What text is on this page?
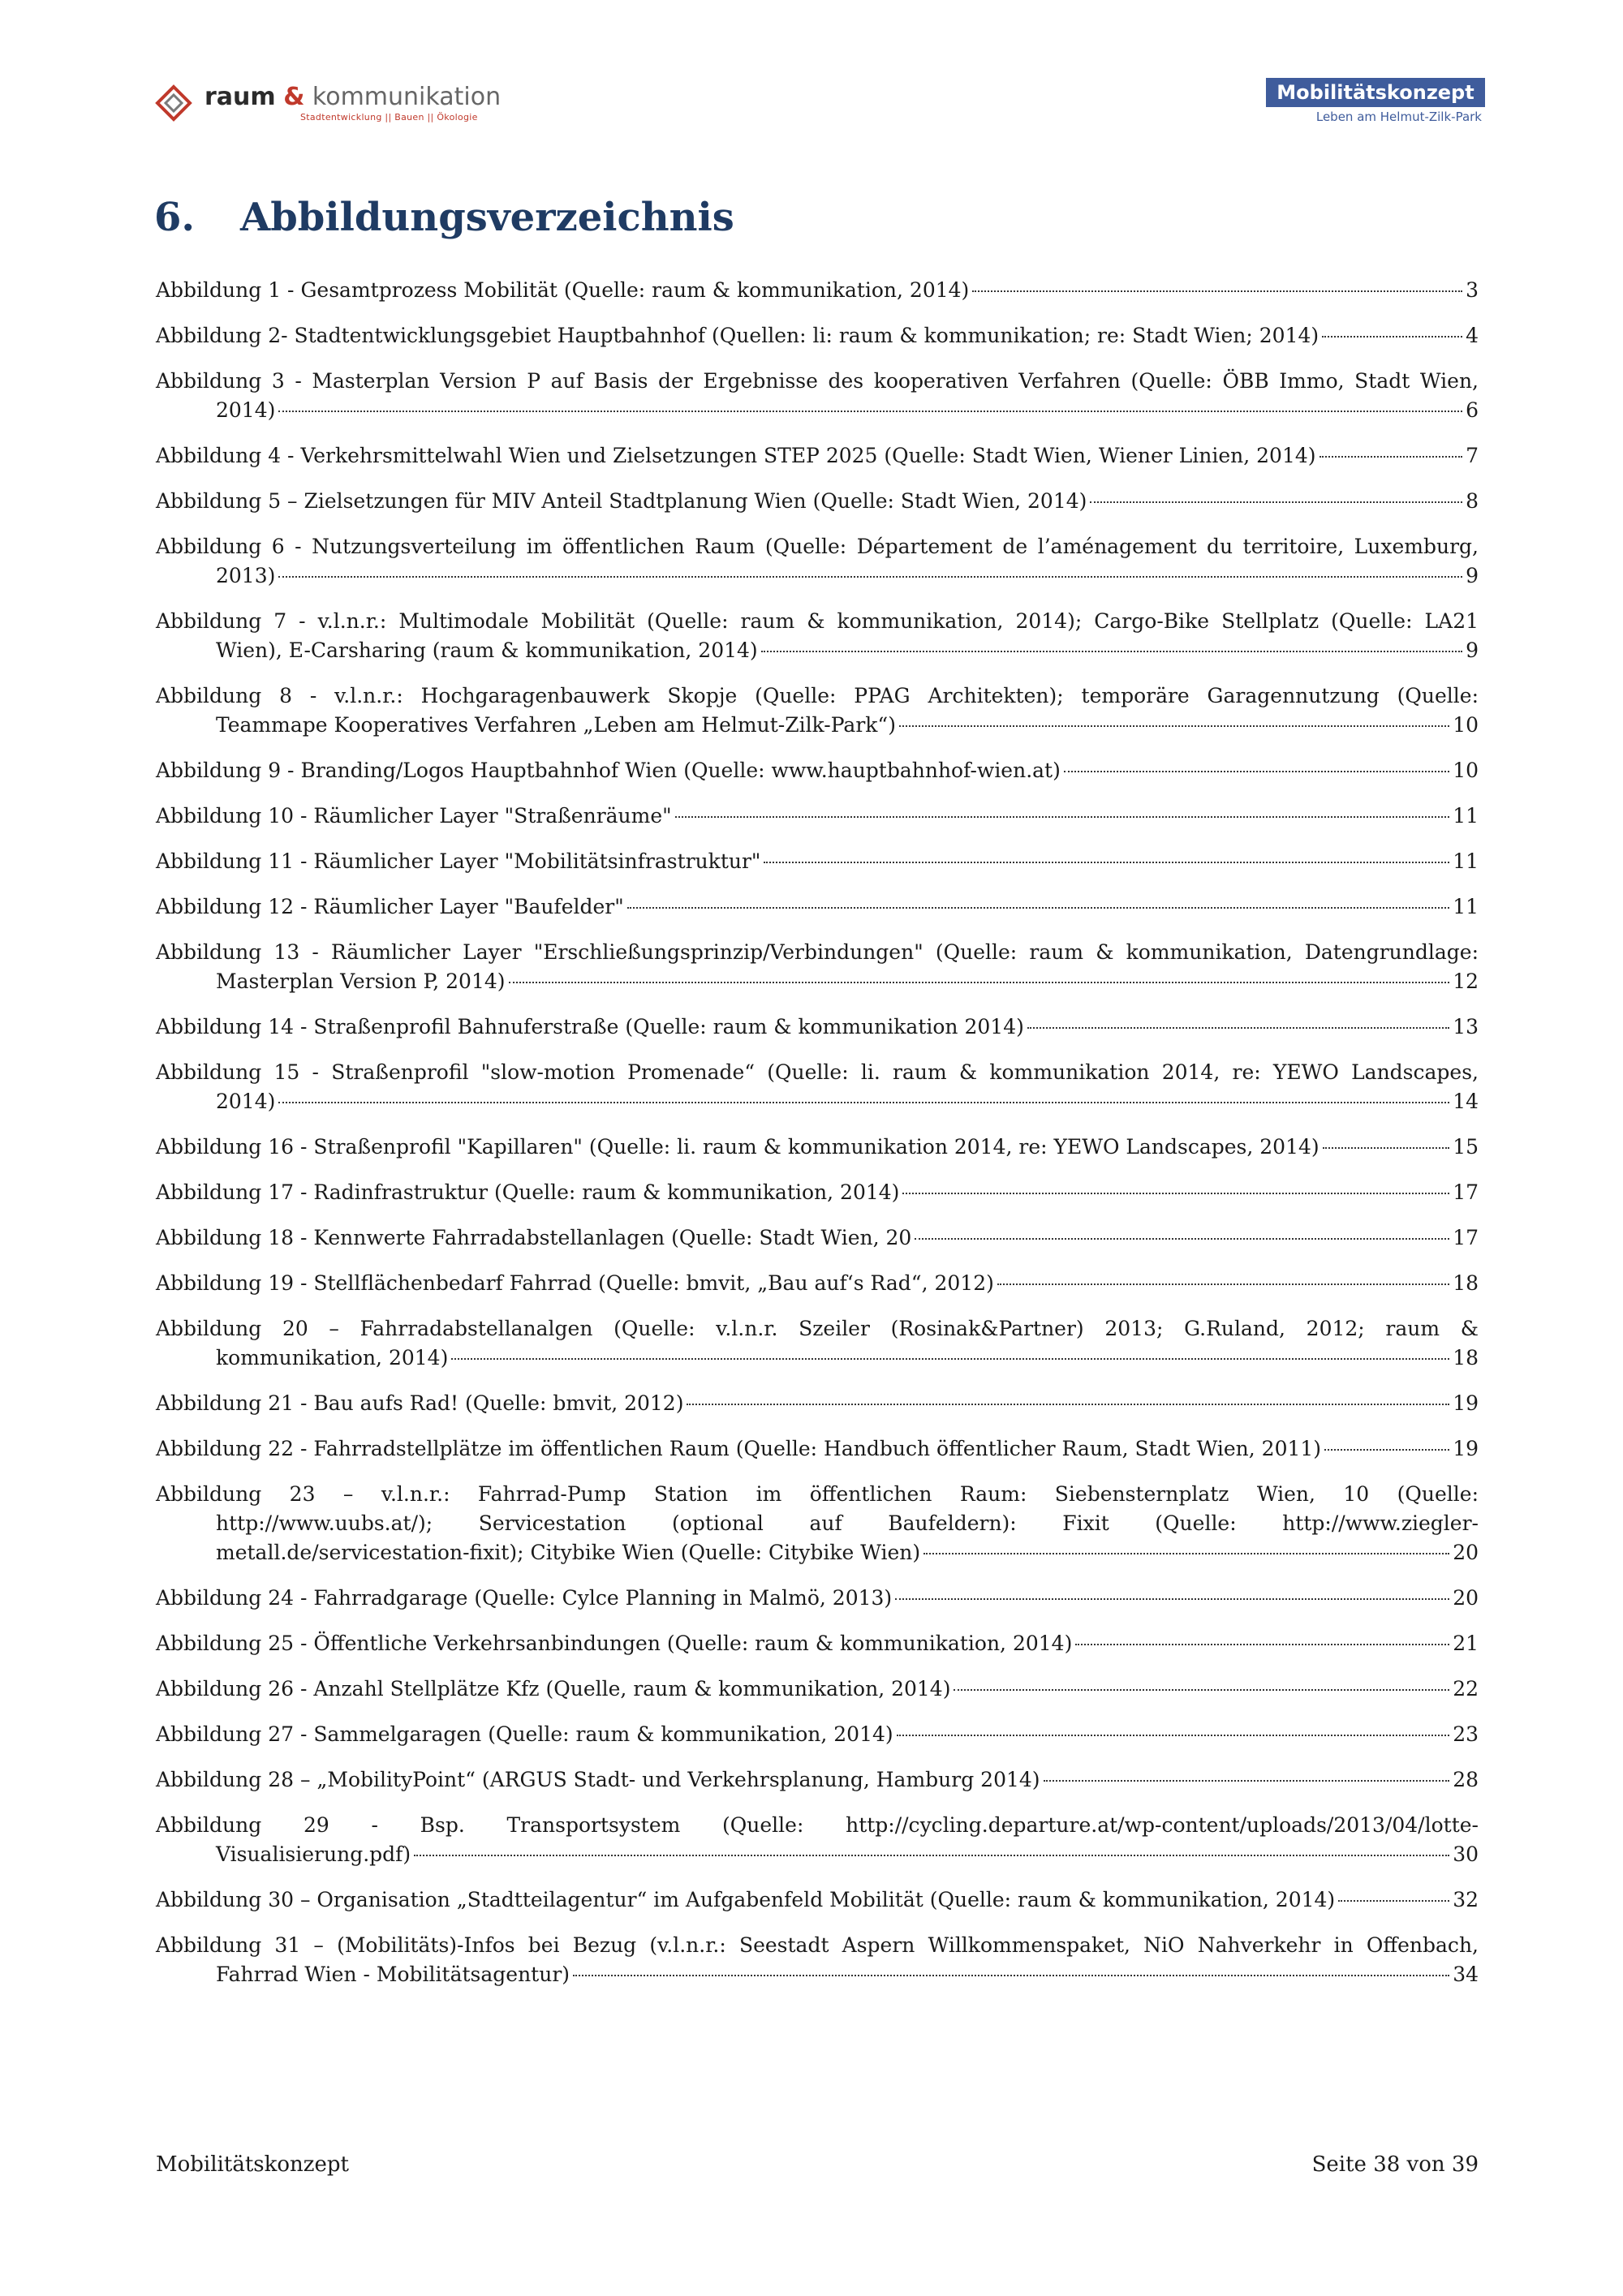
raum & kommunikation
Stadtentwicklung || Bauen || Ökologie
Mobilitätskonzept
Leben am Helmut-Zilk-Park
6. Abbildungsverzeichnis
Abbildung 1 - Gesamtprozess Mobilität (Quelle: raum & kommunikation, 2014)	3
Abbildung 2- Stadtentwicklungsgebiet Hauptbahnhof (Quellen: li: raum & kommunikation; re: Stadt Wien; 2014)	4
Abbildung 3 - Masterplan Version P auf Basis der Ergebnisse des kooperativen Verfahren (Quelle: ÖBB Immo, Stadt Wien,
2014)	6
Abbildung 4 - Verkehrsmittelwahl Wien und Zielsetzungen STEP 2025 (Quelle: Stadt Wien, Wiener Linien, 2014)	7
Abbildung 5 – Zielsetzungen für MIV Anteil Stadtplanung Wien (Quelle: Stadt Wien, 2014)	8
Abbildung 6 - Nutzungsverteilung im öffentlichen Raum (Quelle: Département de l’aménagement du territoire, Luxemburg,
2013)	9
Abbildung 7 - v.l.n.r.: Multimodale Mobilität (Quelle: raum & kommunikation, 2014); Cargo-Bike Stellplatz (Quelle: LA21
Wien), E-Carsharing (raum & kommunikation, 2014)	9
Abbildung 8 - v.l.n.r.: Hochgaragenbauwerk Skopje (Quelle: PPAG Architekten); temporäre Garagennutzung (Quelle:
Teammape Kooperatives Verfahren „Leben am Helmut-Zilk-Park“)	10
Abbildung 9 - Branding/Logos Hauptbahnhof Wien (Quelle: www.hauptbahnhof-wien.at)	10
Abbildung 10 - Räumlicher Layer "Straßenräume"	11
Abbildung 11 - Räumlicher Layer "Mobilitätsinfrastruktur"	11
Abbildung 12 - Räumlicher Layer "Baufelder"	11
Abbildung 13 - Räumlicher Layer "Erschließungsprinzip/Verbindungen" (Quelle: raum & kommunikation, Datengrundlage:
Masterplan Version P, 2014)	12
Abbildung 14 - Straßenprofil Bahnuferstraße (Quelle: raum & kommunikation 2014)	13
Abbildung 15 - Straßenprofil "slow-motion Promenade“ (Quelle: li. raum & kommunikation 2014, re: YEWO Landscapes,
2014)	14
Abbildung 16 - Straßenprofil "Kapillaren" (Quelle: li. raum & kommunikation 2014, re: YEWO Landscapes, 2014)	15
Abbildung 17 - Radinfrastruktur (Quelle: raum & kommunikation, 2014)	17
Abbildung 18 - Kennwerte Fahrradabstellanlagen (Quelle: Stadt Wien, 20	17
Abbildung 19 - Stellflächenbedarf Fahrrad (Quelle: bmvit, „Bau auf‘s Rad“, 2012)	18
Abbildung 20 – Fahrradabstellanalgen (Quelle: v.l.n.r. Szeiler (Rosinak&Partner) 2013; G.Ruland, 2012; raum &
kommunikation, 2014)	18
Abbildung 21 - Bau aufs Rad! (Quelle: bmvit, 2012)	19
Abbildung 22 - Fahrradstellplätze im öffentlichen Raum (Quelle: Handbuch öffentlicher Raum, Stadt Wien, 2011)	19
Abbildung 23 – v.l.n.r.: Fahrrad-Pump Station im öffentlichen Raum: Siebensternplatz Wien, 10 (Quelle:
http://www.uubs.at/); Servicestation (optional auf Baufeldern): Fixit (Quelle: http://www.ziegler-
metall.de/servicestation-fixit); Citybike Wien (Quelle: Citybike Wien)	20
Abbildung 24 - Fahrradgarage (Quelle: Cylce Planning in Malmö, 2013)	20
Abbildung 25 - Öffentliche Verkehrsanbindungen (Quelle: raum & kommunikation, 2014)	21
Abbildung 26 - Anzahl Stellplätze Kfz (Quelle, raum & kommunikation, 2014)	22
Abbildung 27 - Sammelgaragen (Quelle: raum & kommunikation, 2014)	23
Abbildung 28 – „MobilityPoint“ (ARGUS Stadt- und Verkehrsplanung, Hamburg 2014)	28
Abbildung 29 - Bsp. Transportsystem (Quelle: http://cycling.departure.at/wp-content/uploads/2013/04/lotte-
Visualisierung.pdf)	30
Abbildung 30 – Organisation „Stadtteilagentur“ im Aufgabenfeld Mobilität (Quelle: raum & kommunikation, 2014)	32
Abbildung 31 – (Mobilitäts)-Infos bei Bezug (v.l.n.r.: Seestadt Aspern Willkommenspaket, NiO Nahverkehr in Offenbach,
Fahrrad Wien - Mobilitätsagentur)	34
Mobilitätskonzept	Seite 38 von 39
